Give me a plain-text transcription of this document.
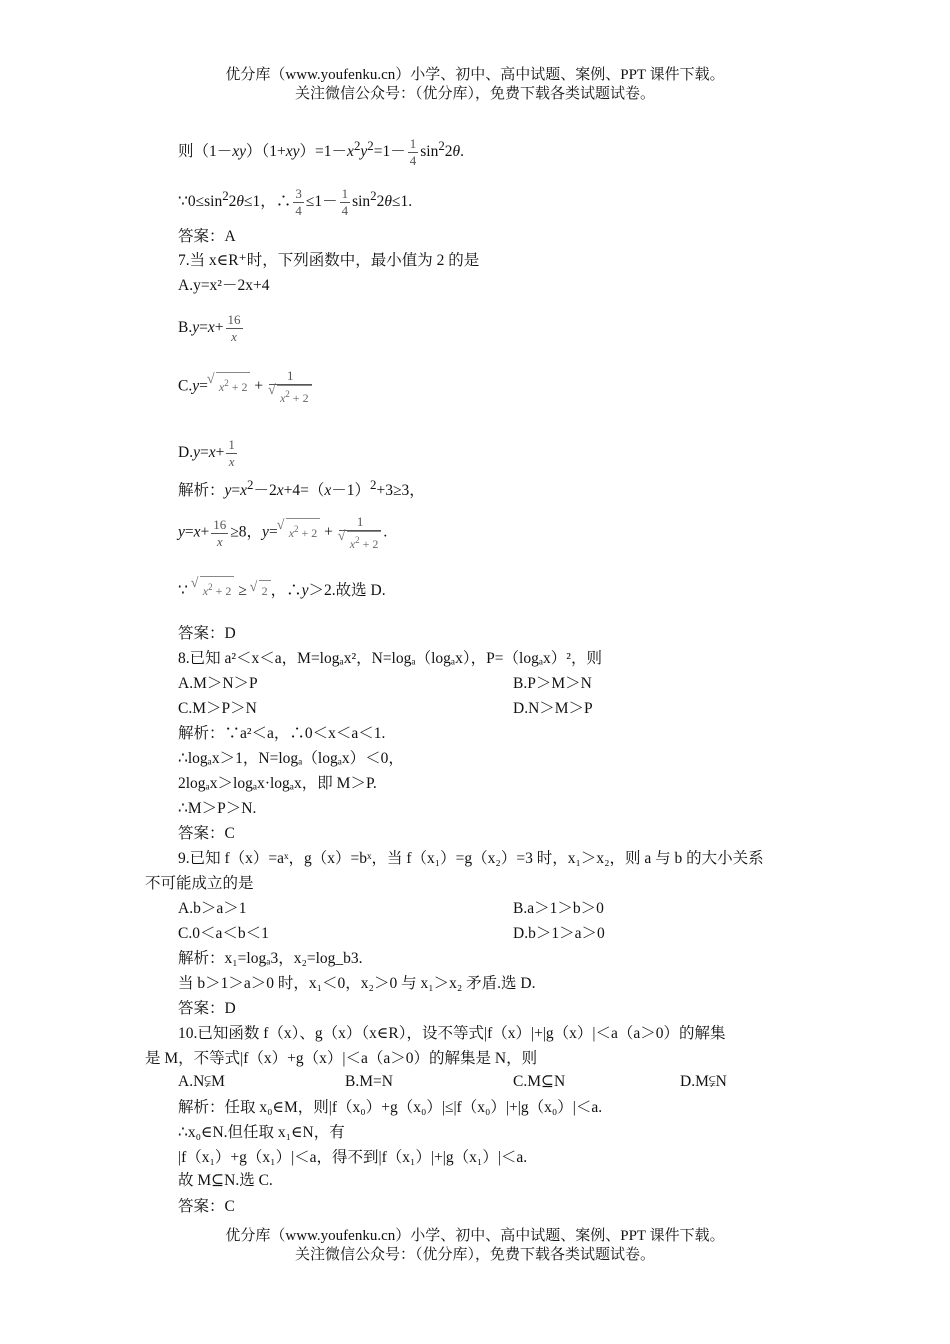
优分库（www.youfenku.cn）小学、初中、高中试题、案例、PPT 课件下载。
关注微信公众号：（优分库），免费下载各类试题试卷。
则$(1-xy)(1+xy)=1-x^2y^2=1- \frac{1}{4} \sin^22\theta$.
$\because 0\le\sin^22\theta\le 1$，∴ $\frac{3}{4} \le 1- \frac{1}{4} \sin^22\theta\le 1$.
答案：A
7.当 x∈R⁺时，下列函数中，最小值为 2 的是
A.y=x²－2x+4
$B.y=x+ \frac{16}{x}$
C.y= √ $x^2 + 2 + 1$
√ $x^2 + 2$
$D.y=x+ \frac{1}{x}$
解析：$y=x^2-2x+4=(x-1)^2+3\ge 3$，
$y=x+ \frac{16}{x} \ge 8$，y= √ $x^2 + 2 + 1$
√ $x^2 + 2$ .
∵ √ $x^2 + 2$ ≥ √ 2 ，∴y＞2.故选 D.
答案：D
8.已知 a²＜x＜a，M=logₐx²，N=logₐ（logₐx），P=（logₐx）²，则
A.M＞N＞P	B.P＞M＞N
C.M＞P＞N	D.N＞M＞P
解析：∵a²＜a，∴0＜x＜a＜1.
∴logₐx＞1，N=logₐ（logₐx）＜0，
2logₐx＞logₐx·logₐx，即 M＞P.
∴M＞P＞N.
答案：C
9.已知 f（x）=aˣ，g（x）=bˣ，当 f（x₁）=g（x₂）=3 时，x₁＞x₂，则 a 与 b 的大小关系
不可能成立的是
A.b＞a＞1	B.a＞1＞b＞0
C.0＜a＜b＜1	D.b＞1＞a＞0
解析：x₁=logₐ3，x₂=log_b3.
当 b＞1＞a＞0 时，x₁＜0，x₂＞0 与 x₁＞x₂ 矛盾.选 D.
答案：D
10.已知函数 f（x）、g（x）（x∈R），设不等式|f（x）|+|g（x）|＜a（a＞0）的解集
是 M，不等式|f（x）+g（x）|＜a（a＞0）的解集是 N，则
A.N⫋M	B.M=N	C.M⊆N	D.M⫋N
解析：任取 x₀∈M，则|f（x₀）+g（x₀）|≤|f（x₀）|+|g（x₀）|＜a.
∴x₀∈N.但任取 x₁∈N，有
|f（x₁）+g（x₁）|＜a，得不到|f（x₁）|+|g（x₁）|＜a.
故 M⊆N.选 C.
答案：C
优分库（www.youfenku.cn）小学、初中、高中试题、案例、PPT 课件下载。
关注微信公众号：（优分库），免费下载各类试题试卷。
